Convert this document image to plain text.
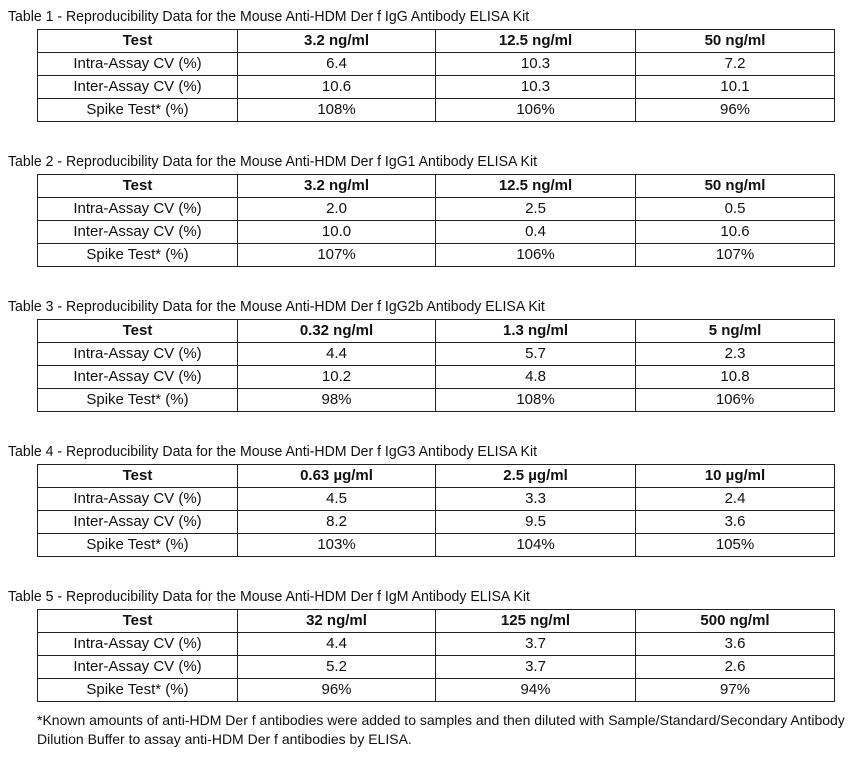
Table 1 - Reproducibility Data for the Mouse Anti-HDM Der f IgG Antibody ELISA Kit
Test	3.2 ng/ml	12.5 ng/ml	50 ng/ml
Intra-Assay CV (%)	6.4	10.3	7.2
Inter-Assay CV (%)	10.6	10.3	10.1
Spike Test* (%)	108%	106%	96%
Table 2 - Reproducibility Data for the Mouse Anti-HDM Der f IgG1 Antibody ELISA Kit
Test	3.2 ng/ml	12.5 ng/ml	50 ng/ml
Intra-Assay CV (%)	2.0	2.5	0.5
Inter-Assay CV (%)	10.0	0.4	10.6
Spike Test* (%)	107%	106%	107%
Table 3 - Reproducibility Data for the Mouse Anti-HDM Der f IgG2b Antibody ELISA Kit
Test	0.32 ng/ml	1.3 ng/ml	5 ng/ml
Intra-Assay CV (%)	4.4	5.7	2.3
Inter-Assay CV (%)	10.2	4.8	10.8
Spike Test* (%)	98%	108%	106%
Table 4 - Reproducibility Data for the Mouse Anti-HDM Der f IgG3 Antibody ELISA Kit
Test	0.63 µg/ml	2.5 µg/ml	10 µg/ml
Intra-Assay CV (%)	4.5	3.3	2.4
Inter-Assay CV (%)	8.2	9.5	3.6
Spike Test* (%)	103%	104%	105%
Table 5 - Reproducibility Data for the Mouse Anti-HDM Der f IgM Antibody ELISA Kit
Test	32 ng/ml	125 ng/ml	500 ng/ml
Intra-Assay CV (%)	4.4	3.7	3.6
Inter-Assay CV (%)	5.2	3.7	2.6
Spike Test* (%)	96%	94%	97%
*Known amounts of anti-HDM Der f antibodies were added to samples and then diluted with Sample/Standard/Secondary Antibody Dilution Buffer to assay anti-HDM Der f antibodies by ELISA.
